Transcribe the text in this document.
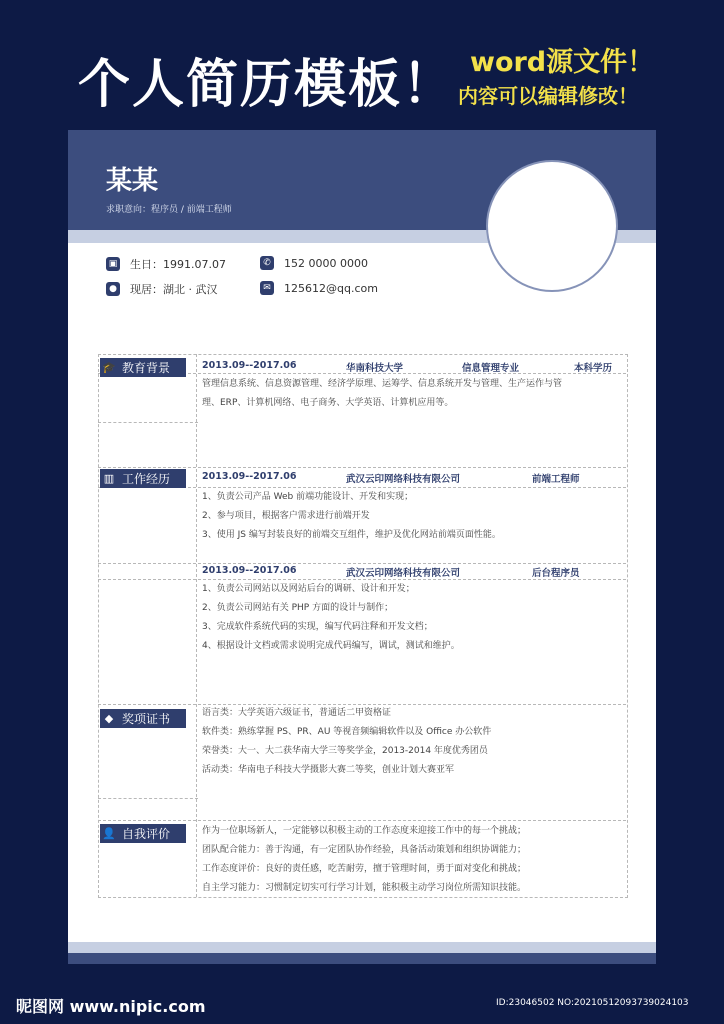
个人简历模板！ word源文件！
内容可以编辑修改！
某某
求职意向：程序员 / 前端工程师
▣ 生日：1991.07.07	✆ 152 0000 0000
● 现居：湖北 · 武汉	✉ 125612@qq.com
🎓 教育背景	2013.09--2017.06	华南科技大学	信息管理专业	本科学历

管理信息系统、信息资源管理、经济学原理、运筹学、信息系统开发与管理、生产运作与管

理、ERP、计算机网络、电子商务、大学英语、计算机应用等。

▥ 工作经历	2013.09--2017.06	武汉云印网络科技有限公司	前端工程师

1、负责公司产品 Web 前端功能设计、开发和实现；

2、参与项目，根据客户需求进行前端开发

3、使用 JS 编写封装良好的前端交互组件，维护及优化网站前端页面性能。

2013.09--2017.06	武汉云印网络科技有限公司	后台程序员

1、负责公司网站以及网站后台的调研、设计和开发；

2、负责公司网站有关 PHP 方面的设计与制作；

3、完成软件系统代码的实现，编写代码注释和开发文档；

4、根据设计文档或需求说明完成代码编写，调试，测试和维护。

◆ 奖项证书	语言类：大学英语六级证书，普通话二甲资格证

软件类：熟练掌握 PS、PR、AU 等视音频编辑软件以及 Office 办公软件

荣誉类：大一、大二获华南大学三等奖学金，2013-2014 年度优秀团员

活动类：华南电子科技大学摄影大赛二等奖，创业计划大赛亚军

👤 自我评价	作为一位职场新人，一定能够以积极主动的工作态度来迎接工作中的每一个挑战；

团队配合能力：善于沟通，有一定团队协作经验，具备活动策划和组织协调能力；

工作态度评价：良好的责任感，吃苦耐劳，擅于管理时间，勇于面对变化和挑战；

自主学习能力：习惯制定切实可行学习计划，能积极主动学习岗位所需知识技能。

昵图网 www.nipic.com	ID:23046502 NO:20210512093739024103
